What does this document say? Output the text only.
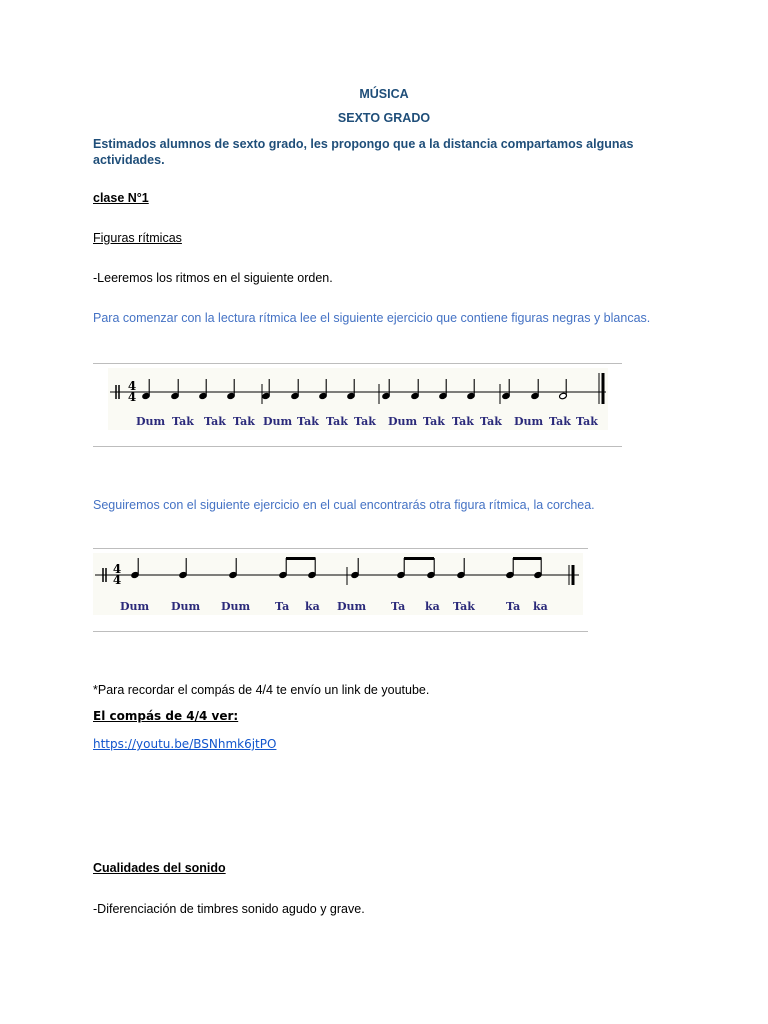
MÚSICA
SEXTO GRADO
Estimados alumnos de sexto grado, les propongo que a la distancia compartamos algunas actividades.
clase N°1
Figuras rítmicas
-Leeremos los ritmos en el siguiente orden.
Para comenzar con la lectura rítmica lee el siguiente ejercicio que contiene figuras negras y blancas.
4
4
Dum Tak Tak Tak Dum Tak Tak Tak Dum Tak Tak Tak Dum Tak Tak
Seguiremos con el siguiente ejercicio en el cual encontrarás otra figura rítmica, la corchea.
4
4
Dum Dum Dum Ta ka Dum Ta ka Tak	Ta ka
*Para recordar el compás de 4/4 te envío un link de youtube.
El compás de 4/4 ver:
https://youtu.be/BSNhmk6jtPO
Cualidades del sonido
-Diferenciación de timbres sonido agudo y grave.
